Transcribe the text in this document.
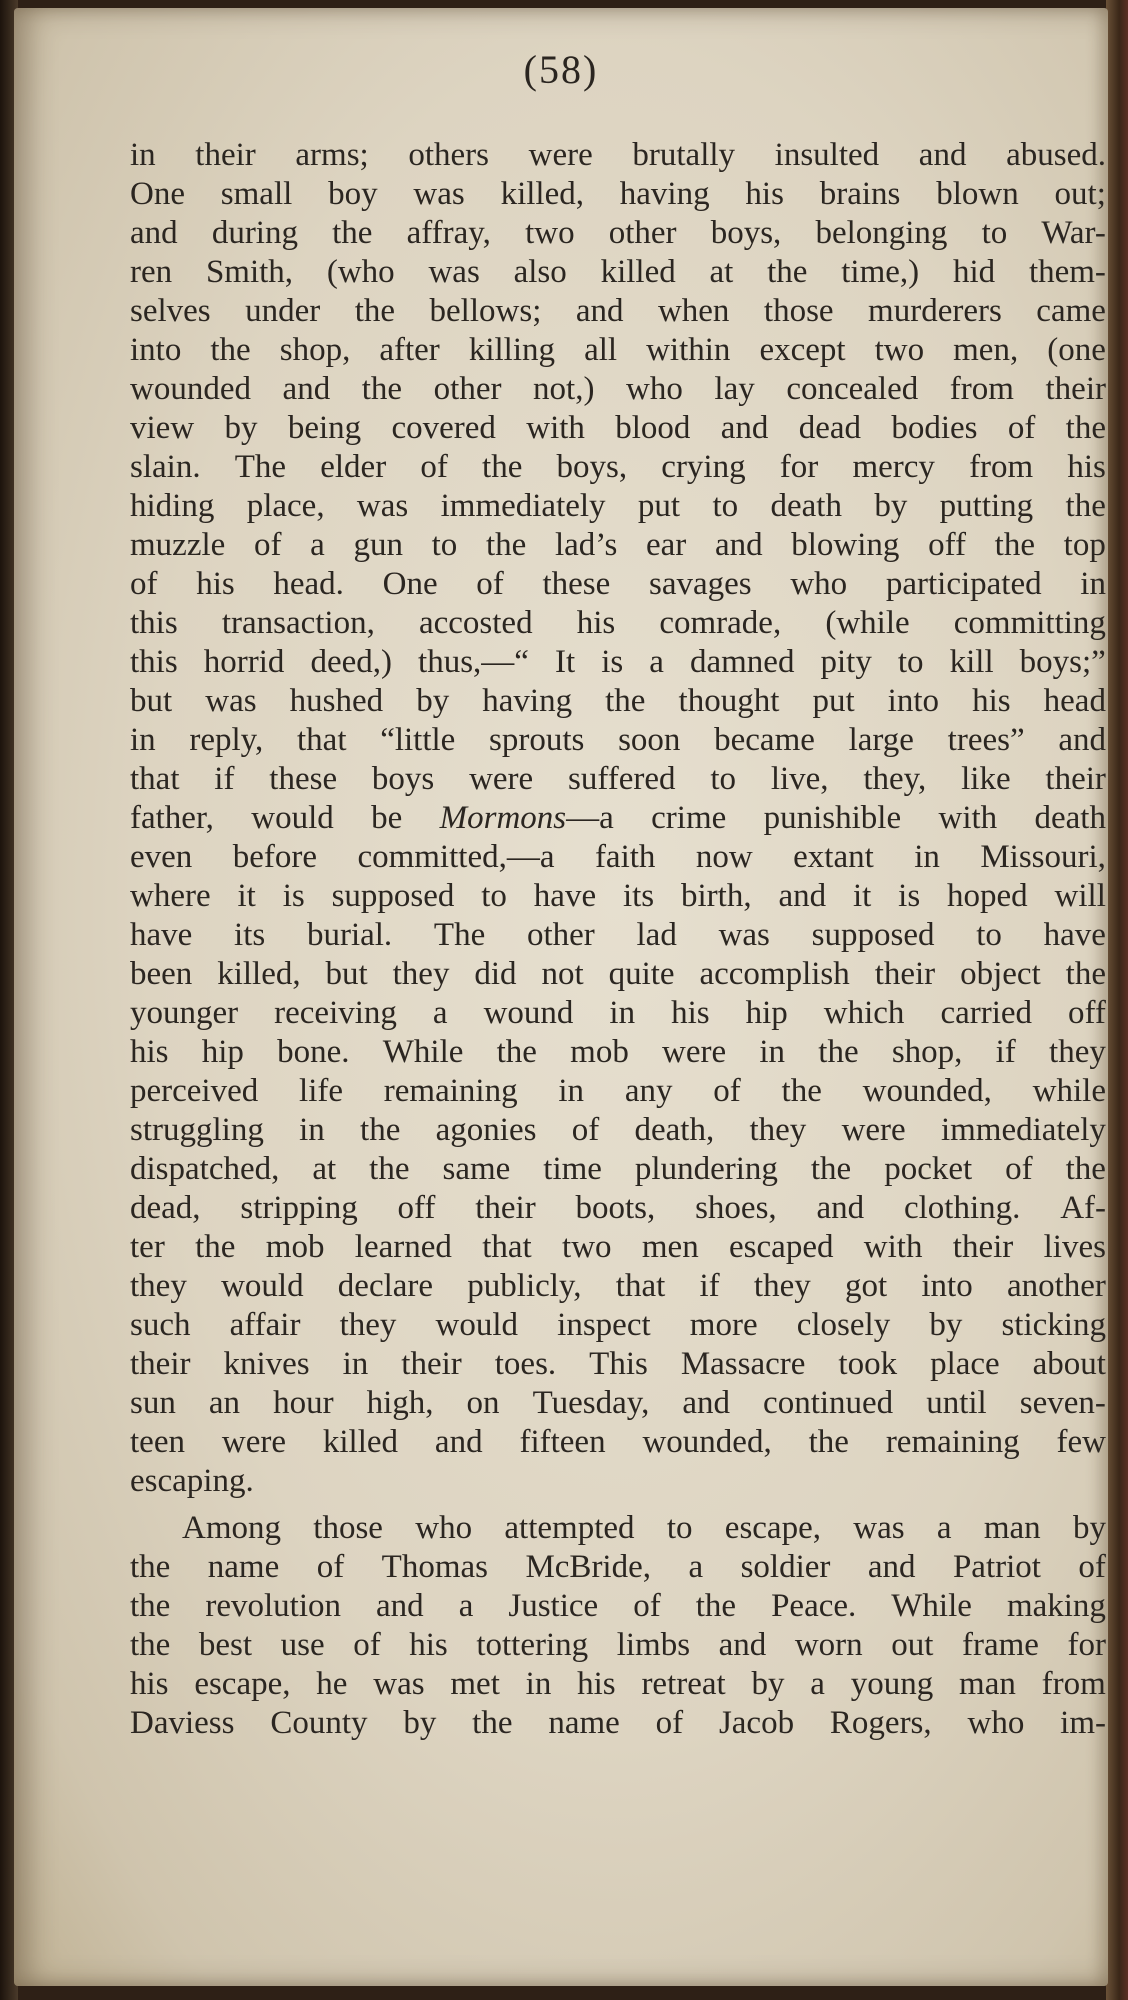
(58)
in their arms; others were brutally insulted and abused.
One small boy was killed, having his brains blown out;
and during the affray, two other boys, belonging to War-
ren Smith, (who was also killed at the time,) hid them-
selves under the bellows; and when those murderers came
into the shop, after killing all within except two men, (one
wounded and the other not,) who lay concealed from their
view by being covered with blood and dead bodies of the
slain. The elder of the boys, crying for mercy from his
hiding place, was immediately put to death by putting the
muzzle of a gun to the lad’s ear and blowing off the top
of his head. One of these savages who participated in
this transaction, accosted his comrade, (while committing
this horrid deed,) thus,—“ It is a damned pity to kill boys;”
but was hushed by having the thought put into his head
in reply, that “little sprouts soon became large trees” and
that if these boys were suffered to live, they, like their
father, would be Mormons—a crime punishible with death
even before committed,—a faith now extant in Missouri,
where it is supposed to have its birth, and it is hoped will
have its burial. The other lad was supposed to have
been killed, but they did not quite accomplish their object the
younger receiving a wound in his hip which carried off
his hip bone. While the mob were in the shop, if they
perceived life remaining in any of the wounded, while
struggling in the agonies of death, they were immediately
dispatched, at the same time plundering the pocket of the
dead, stripping off their boots, shoes, and clothing. Af-
ter the mob learned that two men escaped with their lives
they would declare publicly, that if they got into another
such affair they would inspect more closely by sticking
their knives in their toes. This Massacre took place about
sun an hour high, on Tuesday, and continued until seven-
teen were killed and fifteen wounded, the remaining few
escaping.
Among those who attempted to escape, was a man by
the name of Thomas McBride, a soldier and Patriot of
the revolution and a Justice of the Peace. While making
the best use of his tottering limbs and worn out frame for
his escape, he was met in his retreat by a young man from
Daviess County by the name of Jacob Rogers, who im-
